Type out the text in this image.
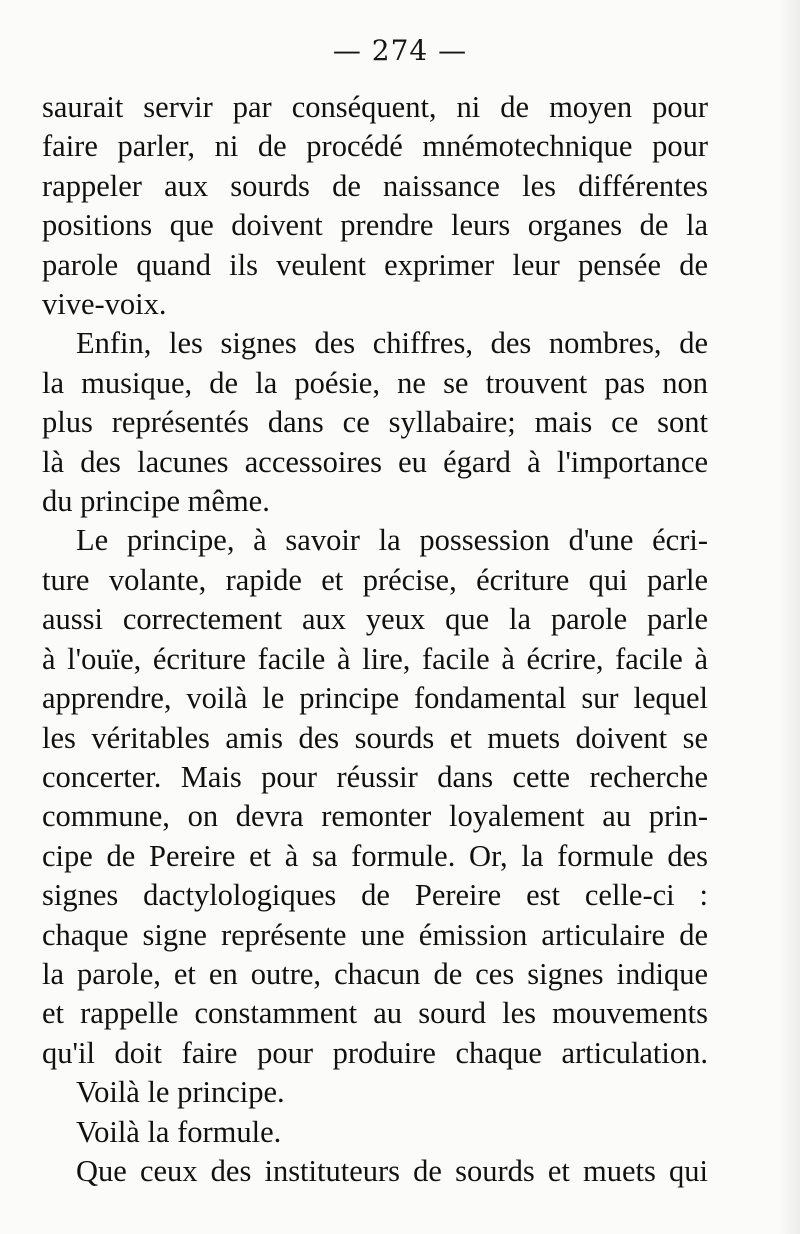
— 274 —
saurait servir par conséquent, ni de moyen pour
faire parler, ni de procédé mnémotechnique pour
rappeler aux sourds de naissance les différentes
positions que doivent prendre leurs organes de la
parole quand ils veulent exprimer leur pensée de
vive-voix.
Enfin, les signes des chiffres, des nombres, de
la musique, de la poésie, ne se trouvent pas non
plus représentés dans ce syllabaire; mais ce sont
là des lacunes accessoires eu égard à l'importance
du principe même.
Le principe, à savoir la possession d'une écri-
ture volante, rapide et précise, écriture qui parle
aussi correctement aux yeux que la parole parle
à l'ouïe, écriture facile à lire, facile à écrire, facile à
apprendre, voilà le principe fondamental sur lequel
les véritables amis des sourds et muets doivent se
concerter. Mais pour réussir dans cette recherche
commune, on devra remonter loyalement au prin-
cipe de Pereire et à sa formule. Or, la formule des
signes dactylologiques de Pereire est celle-ci :
chaque signe représente une émission articulaire de
la parole, et en outre, chacun de ces signes indique
et rappelle constamment au sourd les mouvements
qu'il doit faire pour produire chaque articulation.
Voilà le principe.
Voilà la formule.
Que ceux des instituteurs de sourds et muets qui
